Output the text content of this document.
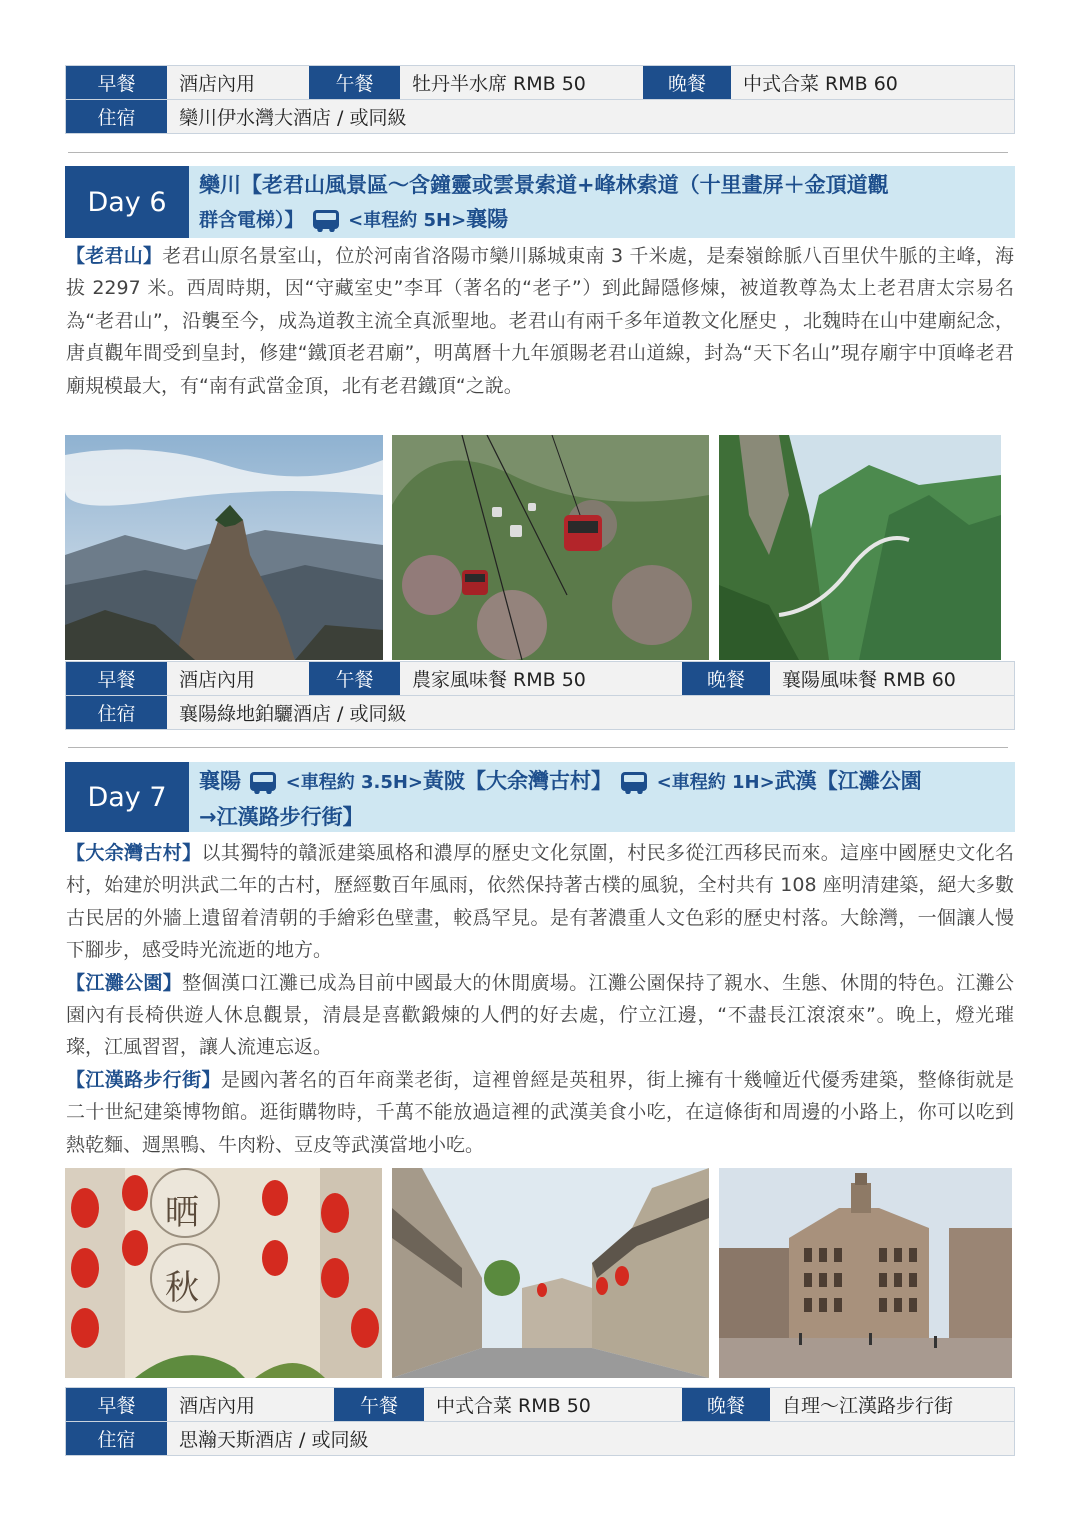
早餐	酒店內用	午餐	牡丹半水席 RMB 50	晚餐	中式合菜 RMB 60
住宿	欒川伊水灣大酒店 / 或同級
Day 6
欒川【老君山風景區～含鐘靈或雲景索道+峰林索道（十里畫屏＋金頂道觀
群含電梯）】 <車程約 5H>襄陽
【老君山】老君山原名景室山，位於河南省洛陽市欒川縣城東南 3 千米處，是秦嶺餘脈八百里伏牛脈的主峰，海拔 2297 米。西周時期，因“守藏室史”李耳（著名的“老子”）到此歸隱修煉，被道教尊為太上老君唐太宗易名為“老君山”，沿襲至今，成為道教主流全真派聖地。老君山有兩千多年道教文化歷史 ，北魏時在山中建廟紀念，唐貞觀年間受到皇封，修建“鐵頂老君廟”，明萬曆十九年頒賜老君山道線，封為“天下名山”現存廟宇中頂峰老君廟規模最大，有“南有武當金頂，北有老君鐵頂“之說。
早餐	酒店內用	午餐	農家風味餐 RMB 50	晚餐	襄陽風味餐 RMB 60
住宿	襄陽綠地鉑驪酒店 / 或同級
Day 7
襄陽 <車程約 3.5H>黃陂【大余灣古村】 <車程約 1H>武漢【江灘公園
→江漢路步行街】
【大余灣古村】以其獨特的贛派建築風格和濃厚的歷史文化氛圍，村民多從江西移民而來。這座中國歷史文化名村，始建於明洪武二年的古村，歷經數百年風雨，依然保持著古樸的風貌，全村共有 108 座明清建築，絕大多數古民居的外牆上遺留着清朝的手繪彩色壁畫，較爲罕見。是有著濃重人文色彩的歷史村落。大餘灣，一個讓人慢下腳步，感受時光流逝的地方。
【江灘公園】整個漢口江灘已成為目前中國最大的休閒廣場。江灘公園保持了親水、生態、休閒的特色。江灘公園內有長椅供遊人休息觀景，清晨是喜歡鍛煉的人們的好去處，佇立江邊，“不盡長江滾滾來”。晚上，燈光璀璨，江風習習，讓人流連忘返。
【江漢路步行街】是國內著名的百年商業老街，這裡曾經是英租界，街上擁有十幾幢近代優秀建築，整條街就是二十世紀建築博物館。逛街購物時，千萬不能放過這裡的武漢美食小吃，在這條街和周邊的小路上，你可以吃到熱乾麵、週黑鴨、牛肉粉、豆皮等武漢當地小吃。
晒
秋
早餐	酒店內用	午餐	中式合菜 RMB 50	晚餐	自理～江漢路步行街
住宿	思瀚天斯酒店 / 或同級
